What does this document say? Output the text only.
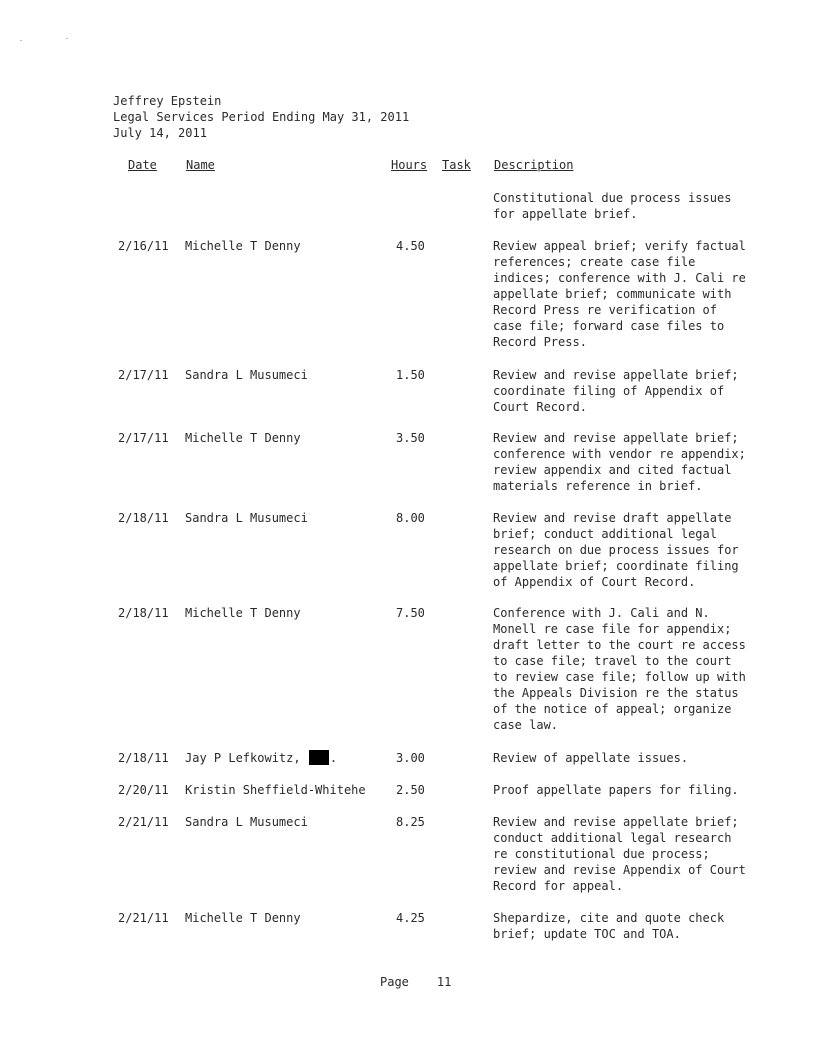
Jeffrey Epstein
Legal Services Period Ending May 31, 2011
July 14, 2011
Date Name	Hours Task Description
Constitutional due process issues
for appellate brief.
2/16/11 Michelle T Denny	4.50	Review appeal brief; verify factual
references; create case file
indices; conference with J. Cali re
appellate brief; communicate with
Record Press re verification of
case file; forward case files to
Record Press.
2/17/11 Sandra L Musumeci	1.50	Review and revise appellate brief;
coordinate filing of Appendix of
Court Record.
2/17/11 Michelle T Denny	3.50	Review and revise appellate brief;
conference with vendor re appendix;
review appendix and cited factual
materials reference in brief.
2/18/11 Sandra L Musumeci	8.00	Review and revise draft appellate
brief; conduct additional legal
research on due process issues for
appellate brief; coordinate filing
of Appendix of Court Record.
2/18/11 Michelle T Denny	7.50	Conference with J. Cali and N.
Monell re case file for appendix;
draft letter to the court re access
to case file; travel to the court
to review case file; follow up with
the Appeals Division re the status
of the notice of appeal; organize
case law.
2/18/11 Jay P Lefkowitz, .	3.00	Review of appellate issues.
2/20/11 Kristin Sheffield-Whitehe	2.50	Proof appellate papers for filing.
2/21/11 Sandra L Musumeci	8.25	Review and revise appellate brief;
conduct additional legal research
re constitutional due process;
review and revise Appendix of Court
Record for appeal.
2/21/11 Michelle T Denny	4.25	Shepardize, cite and quote check
brief; update TOC and TOA.
Page 11
